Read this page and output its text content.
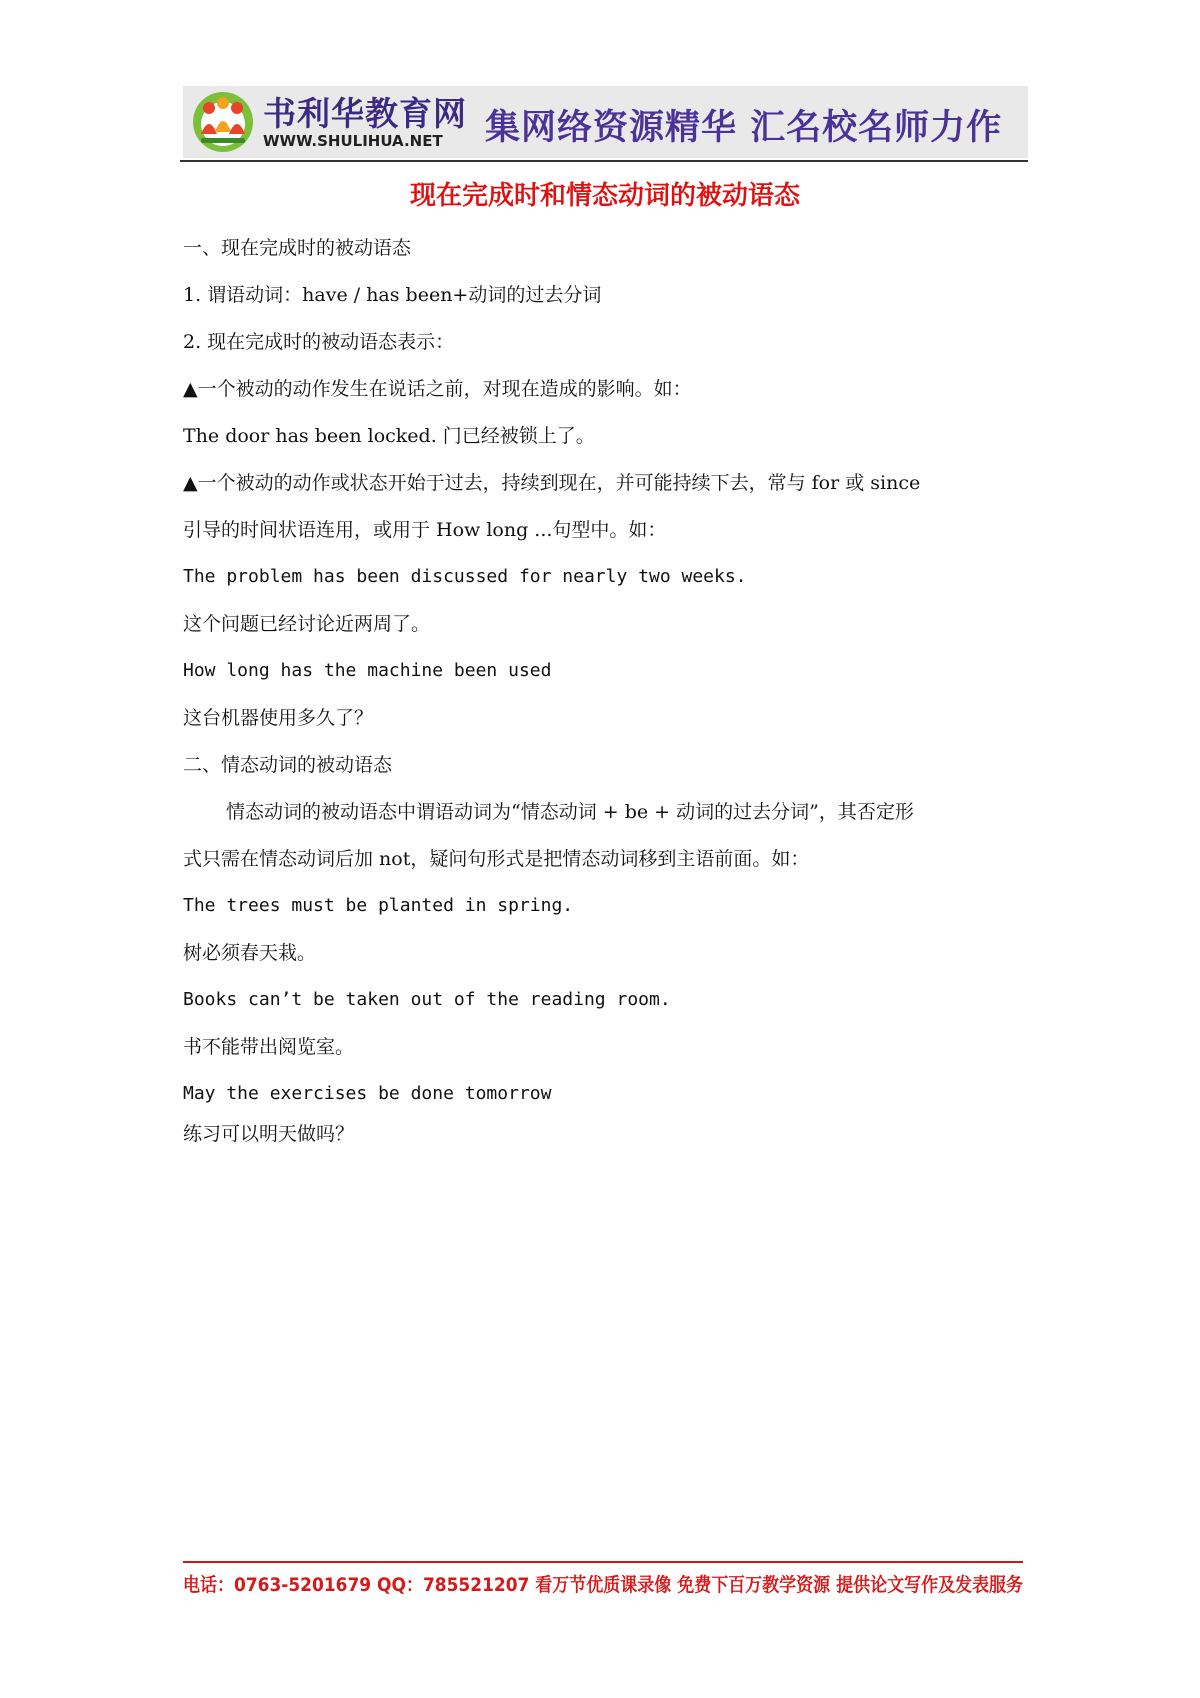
书利华教育网
WWW.SHULIHUA.NET 集网络资源精华 汇名校名师力作
现在完成时和情态动词的被动语态
一、现在完成时的被动语态
1. 谓语动词：have / has been+动词的过去分词
2. 现在完成时的被动语态表示：
▲一个被动的动作发生在说话之前，对现在造成的影响。如：
The door has been locked. 门已经被锁上了。
▲一个被动的动作或状态开始于过去，持续到现在，并可能持续下去，常与 for 或 since
引导的时间状语连用，或用于 How long ...句型中。如：
The problem has been discussed for nearly two weeks.
这个问题已经讨论近两周了。
How long has the machine been used
这台机器使用多久了？
二、情态动词的被动语态
情态动词的被动语态中谓语动词为“情态动词 + be + 动词的过去分词”，其否定形
式只需在情态动词后加 not，疑问句形式是把情态动词移到主语前面。如：
The trees must be planted in spring.
树必须春天栽。
Books can’t be taken out of the reading room.
书不能带出阅览室。
May the exercises be done tomorrow
练习可以明天做吗？
电话：0763-5201679 QQ：785521207 看万节优质课录像 免费下百万教学资源 提供论文写作及发表服务
